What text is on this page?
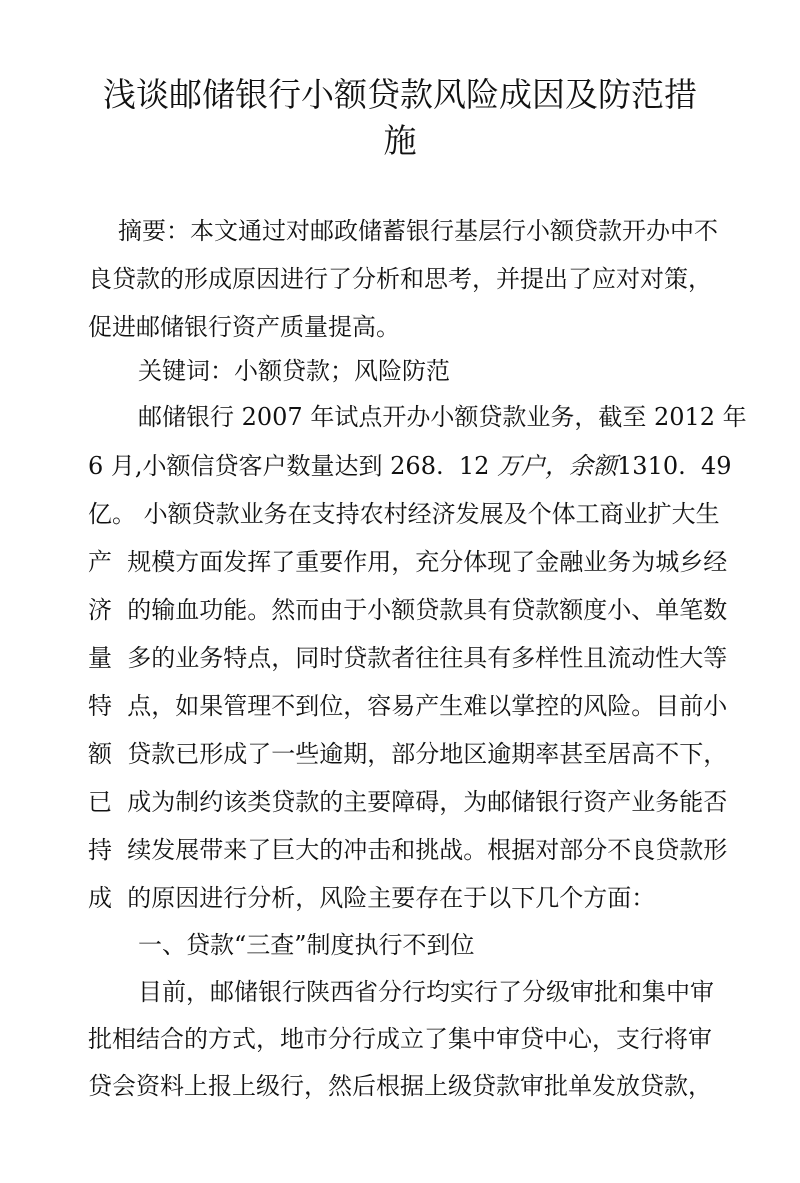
浅谈邮储银行小额贷款风险成因及防范措
施

摘要：本文通过对邮政储蓄银行基层行小额贷款开办中不

良贷款的形成原因进行了分析和思考，并提出了应对对策，

促进邮储银行资产质量提高。

关键词：小额贷款；风险防范

邮储银行 2007 年试点开办小额贷款业务，截至 2012 年

6 月,小额信贷客户数量达到 268.  12 万户，余额1310.  49

亿。 小额贷款业务在支持农村经济发展及个体工商业扩大生

产  规模方面发挥了重要作用，充分体现了金融业务为城乡经

济  的输血功能。然而由于小额贷款具有贷款额度小、单笔数

量  多的业务特点，同时贷款者往往具有多样性且流动性大等

特  点，如果管理不到位，容易产生难以掌控的风险。目前小

额  贷款已形成了一些逾期，部分地区逾期率甚至居高不下，

已  成为制约该类贷款的主要障碍，为邮储银行资产业务能否

持  续发展带来了巨大的冲击和挑战。根据对部分不良贷款形

成  的原因进行分析，风险主要存在于以下几个方面：

一、贷款“三查”制度执行不到位

目前，邮储银行陕西省分行均实行了分级审批和集中审

批相结合的方式，地市分行成立了集中审贷中心，支行将审

贷会资料上报上级行，然后根据上级贷款审批单发放贷款，
